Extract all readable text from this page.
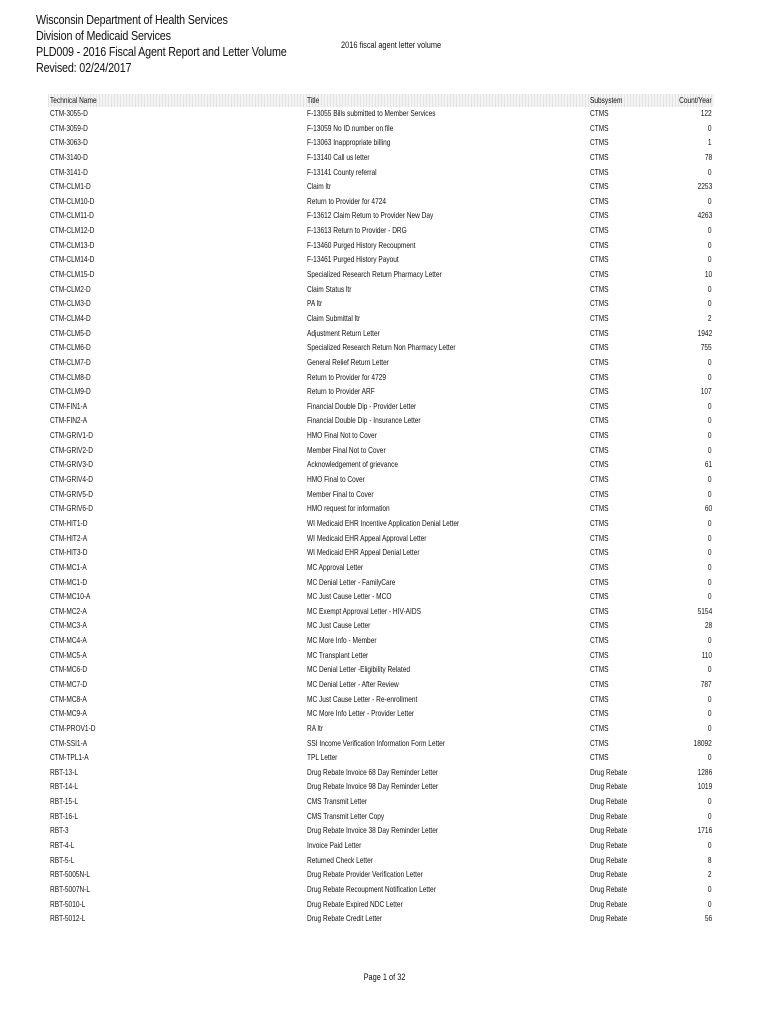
Wisconsin Department of Health Services
Division of Medicaid Services
PLD009 - 2016 Fiscal Agent Report and Letter Volume
Revised: 02/24/2017
2016 fiscal agent letter volume
Technical Name	Title	Subsystem	Count/Year
CTM-3055-D	F-13055 Bills submitted to Member Services	CTMS	122
CTM-3059-D	F-13059 No ID number on file	CTMS	0
CTM-3063-D	F-13063 Inappropriate billing	CTMS	1
CTM-3140-D	F-13140 Call us letter	CTMS	78
CTM-3141-D	F-13141 County referral	CTMS	0
CTM-CLM1-D	Claim ltr	CTMS	2253
CTM-CLM10-D	Return to Provider for 4724	CTMS	0
CTM-CLM11-D	F-13612 Claim Return to Provider New Day	CTMS	4263
CTM-CLM12-D	F-13613 Return to Provider - DRG	CTMS	0
CTM-CLM13-D	F-13460 Purged History Recoupment	CTMS	0
CTM-CLM14-D	F-13461 Purged History Payout	CTMS	0
CTM-CLM15-D	Specialized Research Return Pharmacy Letter	CTMS	10
CTM-CLM2-D	Claim Status ltr	CTMS	0
CTM-CLM3-D	PA ltr	CTMS	0
CTM-CLM4-D	Claim Submittal ltr	CTMS	2
CTM-CLM5-D	Adjustment Return Letter	CTMS	1942
CTM-CLM6-D	Specialized Research Return Non Pharmacy Letter	CTMS	755
CTM-CLM7-D	General Relief Return Letter	CTMS	0
CTM-CLM8-D	Return to Provider for 4729	CTMS	0
CTM-CLM9-D	Return to Provider ARF	CTMS	107
CTM-FIN1-A	Financial Double Dip - Provider Letter	CTMS	0
CTM-FIN2-A	Financial Double Dip - Insurance Letter	CTMS	0
CTM-GRIV1-D	HMO Final Not to Cover	CTMS	0
CTM-GRIV2-D	Member Final Not to Cover	CTMS	0
CTM-GRIV3-D	Acknowledgement of grievance	CTMS	61
CTM-GRIV4-D	HMO Final to Cover	CTMS	0
CTM-GRIV5-D	Member Final to Cover	CTMS	0
CTM-GRIV6-D	HMO request for information	CTMS	60
CTM-HIT1-D	WI Medicaid EHR Incentive Application Denial Letter	CTMS	0
CTM-HIT2-A	WI Medicaid EHR Appeal Approval Letter	CTMS	0
CTM-HIT3-D	WI Medicaid EHR Appeal Denial Letter	CTMS	0
CTM-MC1-A	MC Approval Letter	CTMS	0
CTM-MC1-D	MC Denial Letter - FamilyCare	CTMS	0
CTM-MC10-A	MC Just Cause Letter - MCO	CTMS	0
CTM-MC2-A	MC Exempt Approval Letter - HIV-AIDS	CTMS	5154
CTM-MC3-A	MC Just Cause Letter	CTMS	28
CTM-MC4-A	MC More Info - Member	CTMS	0
CTM-MC5-A	MC Transplant Letter	CTMS	110
CTM-MC6-D	MC Denial Letter -Eligibility Related	CTMS	0
CTM-MC7-D	MC Denial Letter - After Review	CTMS	787
CTM-MC8-A	MC Just Cause Letter - Re-enrollment	CTMS	0
CTM-MC9-A	MC More Info Letter - Provider Letter	CTMS	0
CTM-PROV1-D	RA ltr	CTMS	0
CTM-SSI1-A	SSI Income Verification Information Form Letter	CTMS	18092
CTM-TPL1-A	TPL Letter	CTMS	0
RBT-13-L	Drug Rebate Invoice 68 Day Reminder Letter	Drug Rebate	1286
RBT-14-L	Drug Rebate Invoice 98 Day Reminder Letter	Drug Rebate	1019
RBT-15-L	CMS Transmit Letter	Drug Rebate	0
RBT-16-L	CMS Transmit Letter Copy	Drug Rebate	0
RBT-3	Drug Rebate Invoice 38 Day Reminder Letter	Drug Rebate	1716
RBT-4-L	Invoice Paid Letter	Drug Rebate	0
RBT-5-L	Returned Check Letter	Drug Rebate	8
RBT-5005N-L	Drug Rebate Provider Verification Letter	Drug Rebate	2
RBT-5007N-L	Drug Rebate Recoupment Notification Letter	Drug Rebate	0
RBT-5010-L	Drug Rebate Expired NDC Letter	Drug Rebate	0
RBT-5012-L	Drug Rebate Credit Letter	Drug Rebate	56
Page 1 of 32
